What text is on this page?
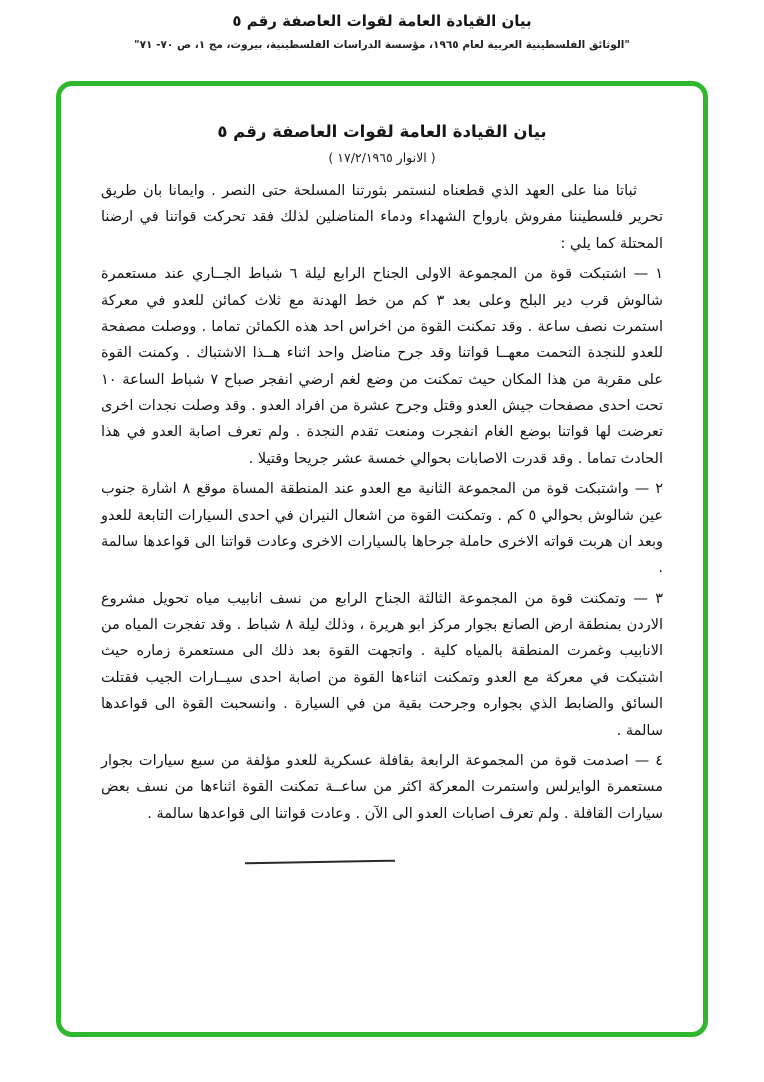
بيان القيادة العامة لقوات العاصفة رقم ٥
"الوثائق الفلسطينية العربية لعام ١٩٦٥، مؤسسة الدراسات الفلسطينية، بيروت، مج ١، ص ٧٠- ٧١"
بيان القيادة العامة لقوات العاصفة رقم ٥
( الانوار ١٧/٢/١٩٦٥ )

ثباتا منا على العهد الذي قطعناه لنستمر بثورتنا المسلحة حتى النصر . وايمانا بان طريق تحرير فلسطيننا مفروش بارواح الشهداء ودماء المناضلين لذلك فقد تحركت قواتنا في ارضنا المحتلة كما يلي :

١ —اشتبكت قوة من المجموعة الاولى الجناح الرابع ليلة ٦ شباط الجــاري عند مستعمرة شالوش قرب دير البلح وعلى بعد ٣ كم من خط الهدنة مع ثلاث كمائن للعدو في معركة استمرت نصف ساعة . وقد تمكنت القوة من اخراس احد هذه الكمائن تماما . ووصلت مصفحة للعدو للنجدة التحمت معهــا قواتنا وقد جرح مناضل واحد اثناء هــذا الاشتباك . وكمنت القوة على مقربة من هذا المكان حيث تمكنت من وضع لغم ارضي انفجر صباح ٧ شباط الساعة ١٠ تحت احدى مصفحات جيش العدو وقتل وجرح عشرة من افراد العدو . وقد وصلت نجدات اخرى تعرضت لها قواتنا بوضع الغام انفجرت ومنعت تقدم النجدة . ولم تعرف اصابة العدو في هذا الحادث تماما . وقد قدرت الاصابات بحوالي خمسة عشر جريحا وقتيلا .

٢ —واشتبكت قوة من المجموعة الثانية مع العدو عند المنطقة المساة موقع ٨ اشارة جنوب عين شالوش بحوالي ٥ كم . وتمكنت القوة من اشعال النيران في احدى السيارات التابعة للعدو وبعد ان هربت قواته الاخرى حاملة جرحاها بالسيارات الاخرى وعادت قواتنا الى قواعدها سالمة .

٣ —وتمكنت قوة من المجموعة الثالثة الجناح الرابع من نسف انابيب مياه تحويل مشروع الاردن بمنطقة ارض الصانع بجوار مركز ابو هريرة ، وذلك ليلة ٨ شباط . وقد تفجرت المياه من الانابيب وغمرت المنطقة بالمياه كلية . واتجهت القوة بعد ذلك الى مستعمرة زماره حيث اشتبكت في معركة مع العدو وتمكنت اثناءها القوة من اصابة احدى سيــارات الجيب فقتلت السائق والضابط الذي بجواره وجرحت بقية من في السيارة . وانسحبت القوة الى قواعدها سالمة .

٤ —اصدمت قوة من المجموعة الرابعة بقافلة عسكرية للعدو مؤلفة من سبع سيارات بجوار مستعمرة الوايرلس واستمرت المعركة اكثر من ساعــة تمكنت القوة اثناءها من نسف بعض سيارات القافلة . ولم تعرف اصابات العدو الى الآن . وعادت قواتنا الى قواعدها سالمة .
